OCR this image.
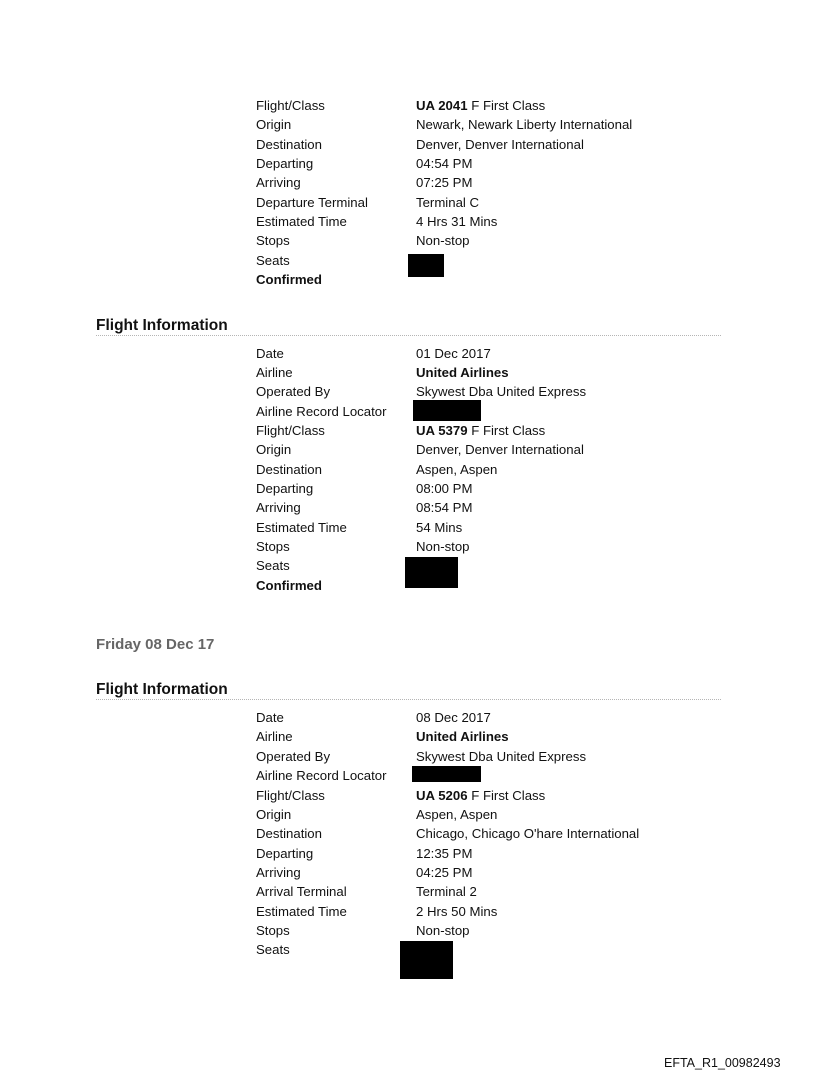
Flight/Class	UA 2041 F First Class
Origin	Newark, Newark Liberty International
Destination	Denver, Denver International
Departing	04:54 PM
Arriving	07:25 PM
Departure Terminal	Terminal C
Estimated Time	4 Hrs 31 Mins
Stops	Non-stop
Seats
Confirmed
Flight Information
Date	01 Dec 2017
Airline	United Airlines
Operated By	Skywest Dba United Express
Airline Record Locator
Flight/Class	UA 5379 F First Class
Origin	Denver, Denver International
Destination	Aspen, Aspen
Departing	08:00 PM
Arriving	08:54 PM
Estimated Time	54 Mins
Stops	Non-stop
Seats
Confirmed
Friday 08 Dec 17
Flight Information
Date	08 Dec 2017
Airline	United Airlines
Operated By	Skywest Dba United Express
Airline Record Locator
Flight/Class	UA 5206 F First Class
Origin	Aspen, Aspen
Destination	Chicago, Chicago O'hare International
Departing	12:35 PM
Arriving	04:25 PM
Arrival Terminal	Terminal 2
Estimated Time	2 Hrs 50 Mins
Stops	Non-stop
Seats
EFTA_R1_00982493
